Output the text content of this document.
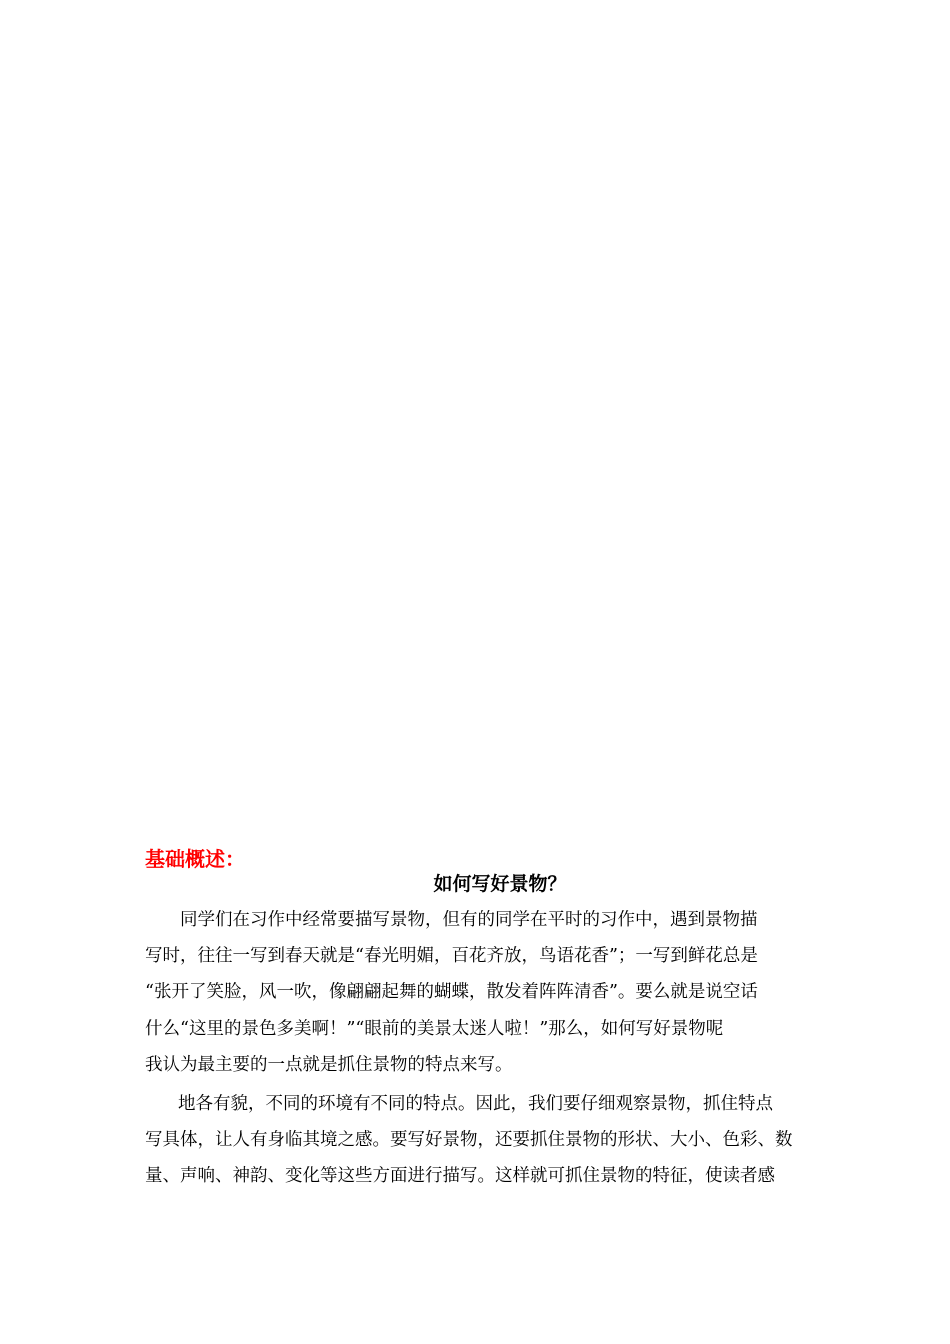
基础概述：
如何写好景物？
同学们在习作中经常要描写景物，但有的同学在平时的习作中，遇到景物描
写时，往往一写到春天就是“春光明媚，百花齐放，鸟语花香”；一写到鲜花总是
“张开了笑脸，风一吹，像翩翩起舞的蝴蝶，散发着阵阵清香”。要么就是说空话
什么“这里的景色多美啊！”“眼前的美景太迷人啦！”那么，如何写好景物呢
我认为最主要的一点就是抓住景物的特点来写。
地各有貌，不同的环境有不同的特点。因此，我们要仔细观察景物，抓住特点
写具体，让人有身临其境之感。要写好景物，还要抓住景物的形状、大小、色彩、数
量、声响、神韵、变化等这些方面进行描写。这样就可抓住景物的特征，使读者感
